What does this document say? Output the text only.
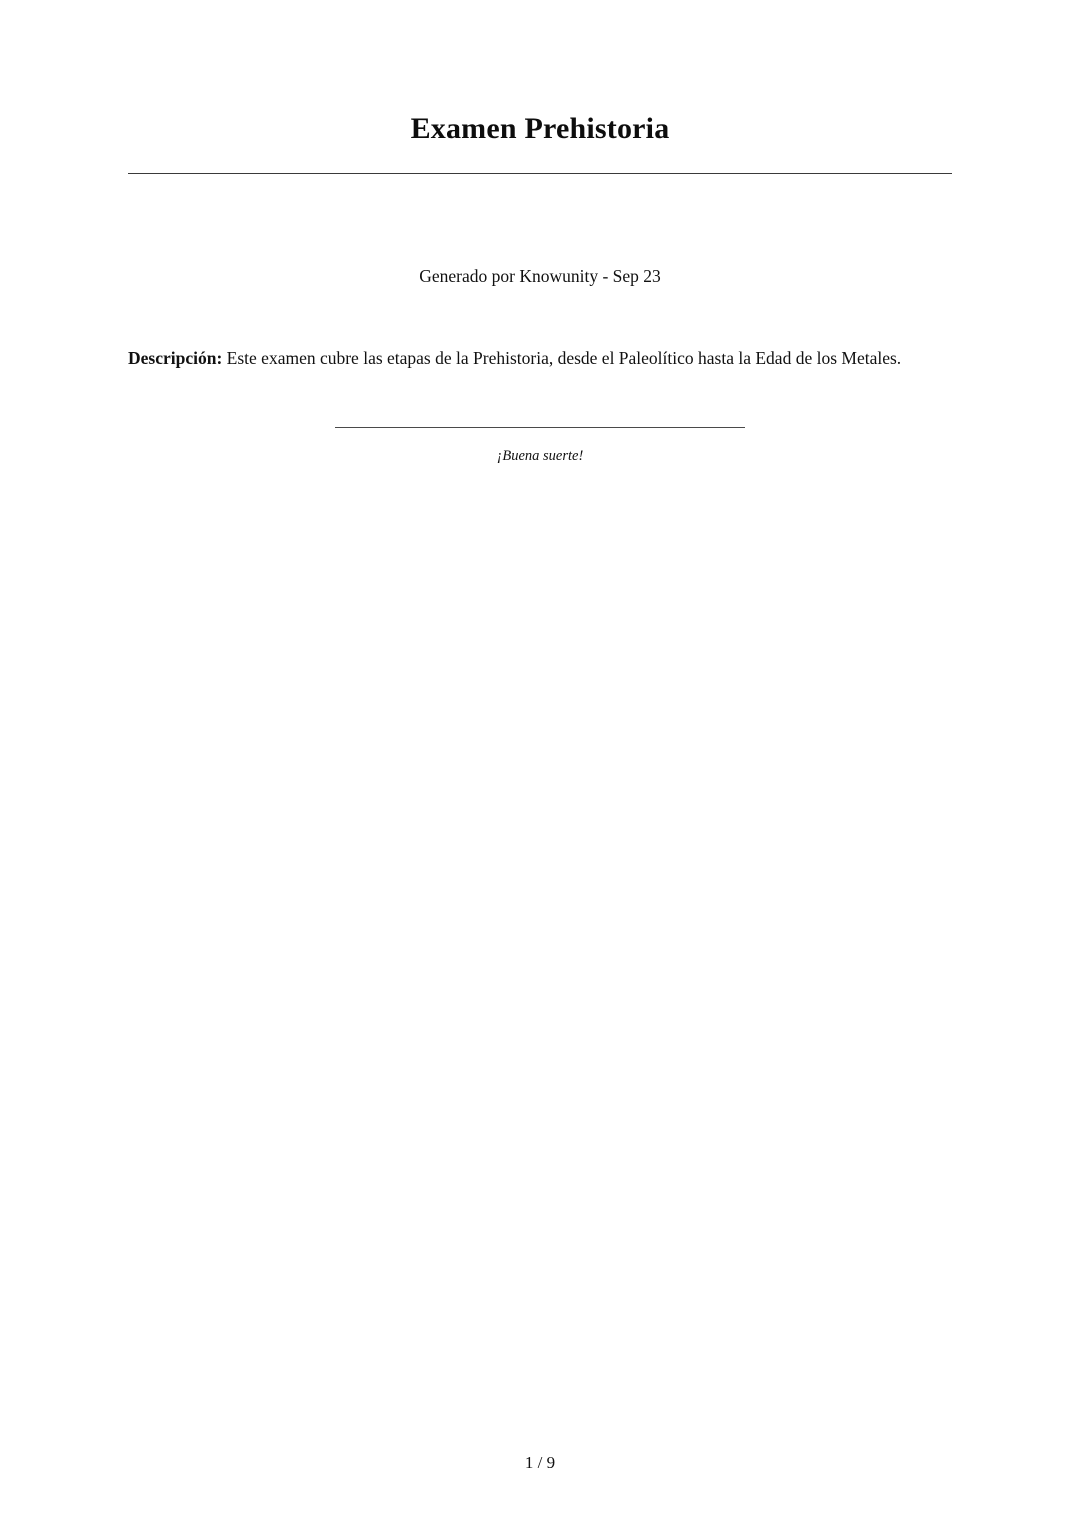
Examen Prehistoria
Generado por Knowunity - Sep 23

Descripción: Este examen cubre las etapas de la Prehistoria, desde el Paleolítico hasta la Edad de los Metales.

¡Buena suerte!
1 / 9
